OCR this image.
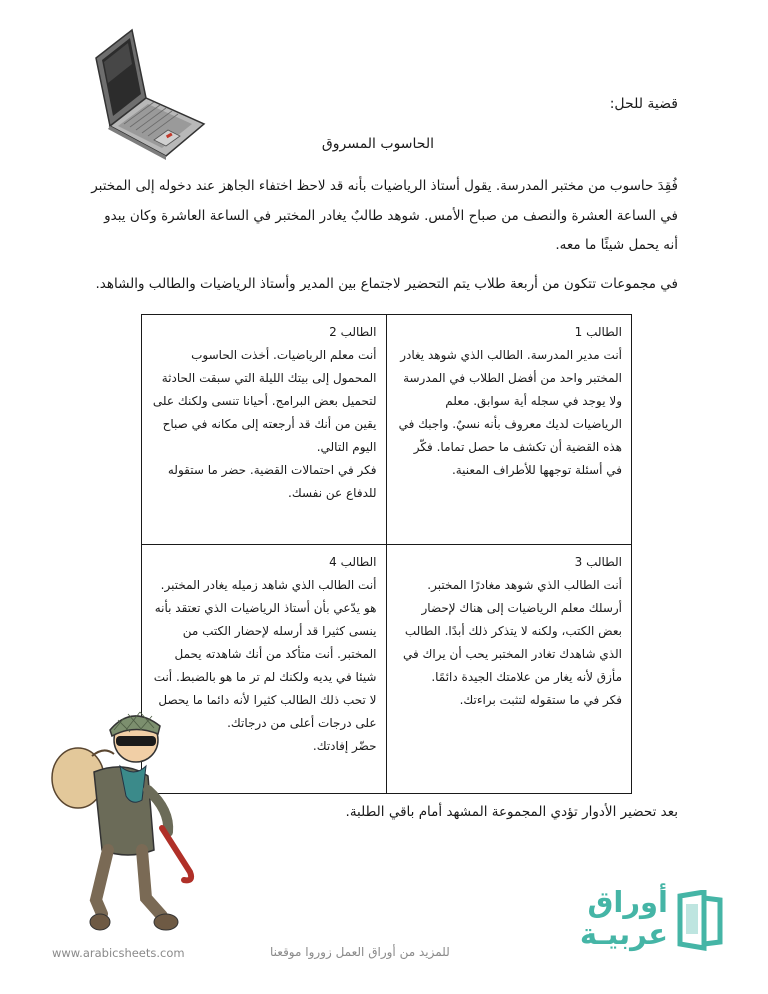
قضية للحل:
الحاسوب المسروق
فُقِدَ حاسوب من مختبر المدرسة. يقول أستاذ الرياضيات بأنه قد لاحظ اختفاء الجاهز عند دخوله إلى المختبر في الساعة العشرة والنصف من صباح الأمس. شوهد طالبٌ يغادر المختبر في الساعة العاشرة وكان يبدو أنه يحمل شيئًا ما معه.
في مجموعات تتكون من أربعة طلاب يتم التحضير لاجتماع بين المدير وأستاذ الرياضيات والطالب والشاهد.
الطالب 2
أنت معلم الرياضيات. أخذت الحاسوب المحمول إلى بيتك الليلة التي سبقت الحادثة لتحميل بعض البرامج. أحيانا تنسى ولكنك على يقين من أنك قد أرجعته إلى مكانه في صباح اليوم التالي.
فكر في احتمالات القضية. حضر ما ستقوله للدفاع عن نفسك.
الطالب 1
أنت مدير المدرسة. الطالب الذي شوهد يغادر المختبر واحد من أفضل الطلاب في المدرسة ولا يوجد في سجله أية سوابق. معلم الرياضيات لديك معروف بأنه نسيٌ. واجبك في هذه القضية أن تكشف ما حصل تماما. فكّر في أسئلة توجهها للأطراف المعنية.
الطالب 4
أنت الطالب الذي شاهد زميله يغادر المختبر. هو يدّعي بأن أستاذ الرياضيات الذي تعتقد بأنه ينسى كثيرا قد أرسله لإحضار الكتب من المختبر. أنت متأكد من أنك شاهدته يحمل شيئا في يديه ولكنك لم تر ما هو بالضبط. أنت لا تحب ذلك الطالب كثيرا لأنه دائما ما يحصل على درجات أعلى من درجاتك.
حضّر إفادتك.
الطالب 3
أنت الطالب الذي شوهد مغادرًا المختبر. أرسلك معلم الرياضيات إلى هناك لإحضار بعض الكتب، ولكنه لا يتذكر ذلك أبدًا. الطالب الذي شاهدك تغادر المختبر يحب أن يراك في مأزق لأنه يغار من علامتك الجيدة دائمًا.
فكر في ما ستقوله لتثبت براءتك.
بعد تحضير الأدوار تؤدي المجموعة المشهد أمام باقي الطلبة.
أوراق
عربيـة
للمزيد من أوراق العمل زوروا موقعنا
www.arabicsheets.com
